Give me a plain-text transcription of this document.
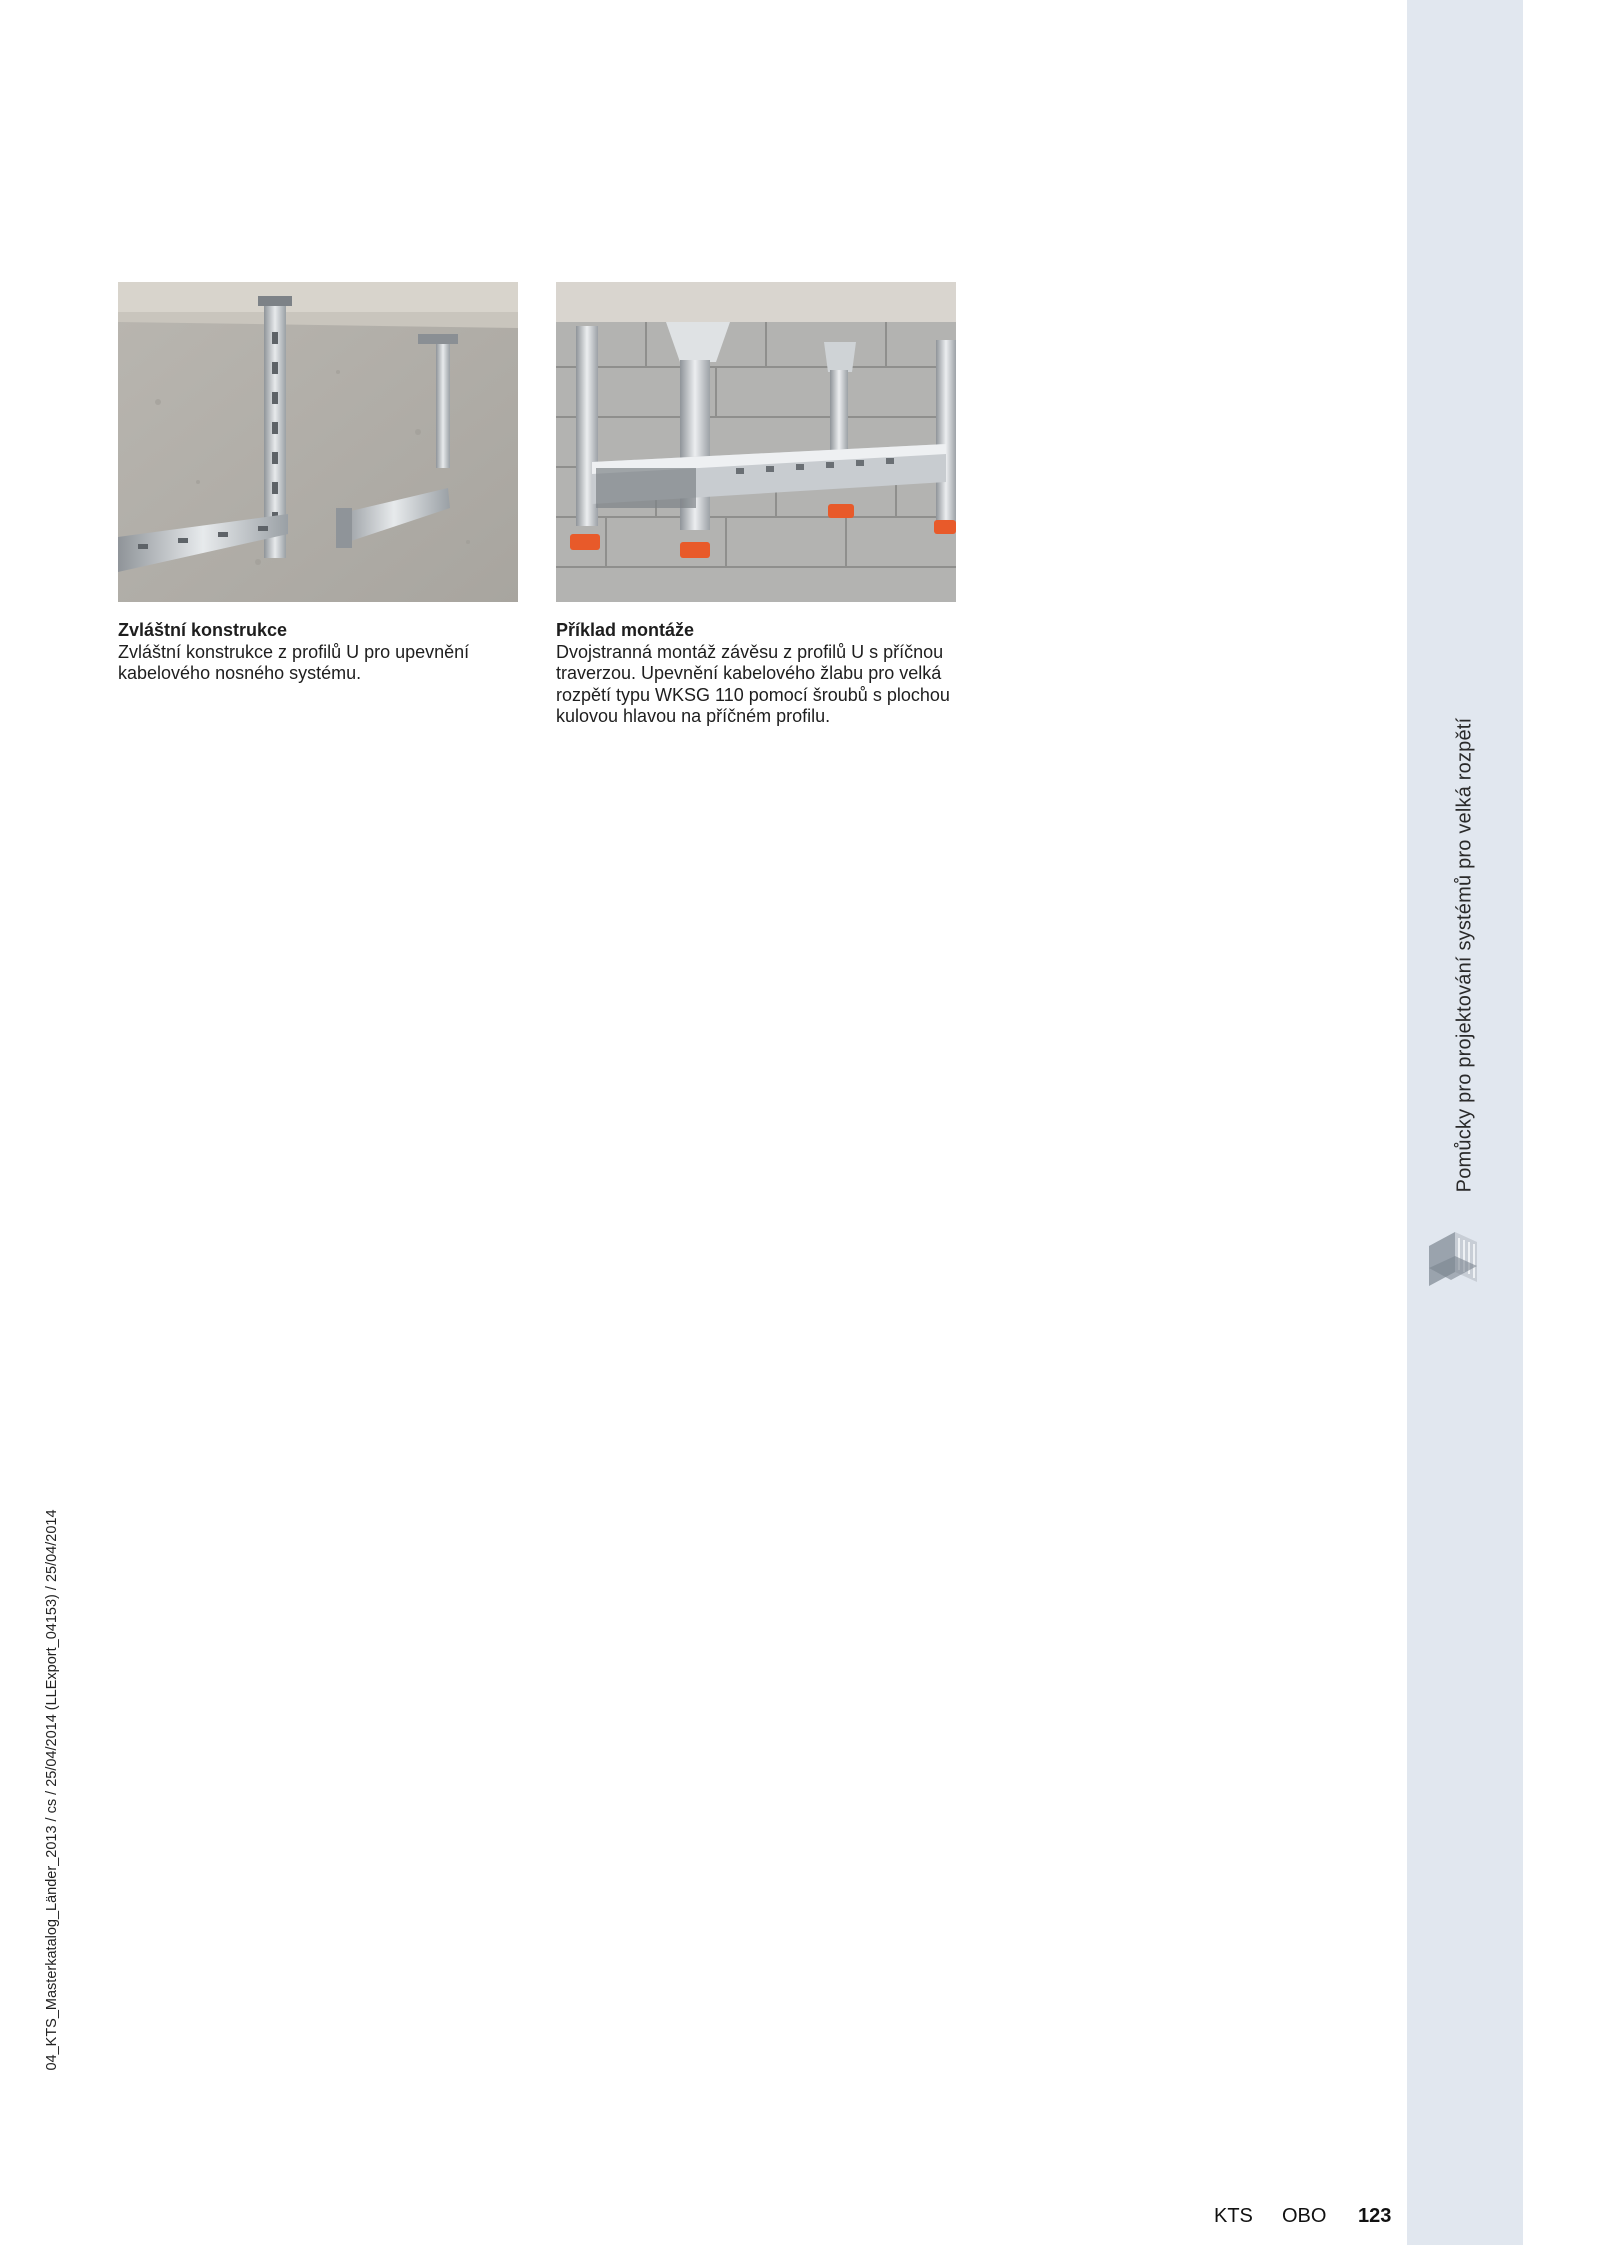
Pomůcky pro projektování systémů pro velká rozpětí
04_KTS_Masterkatalog_Länder_2013 / cs / 25/04/2014 (LLExport_04153) / 25/04/2014
Zvláštní konstrukce
Zvláštní konstrukce z profilů U pro upevnění kabelového nosného systému.
Příklad montáže
Dvojstranná montáž závěsu z profilů U s příčnou traverzou. Upevnění kabelového žlabu pro velká rozpětí typu WKSG 110 pomocí šroubů s plochou kulovou hlavou na příčném profilu.
KTS OBO 123
